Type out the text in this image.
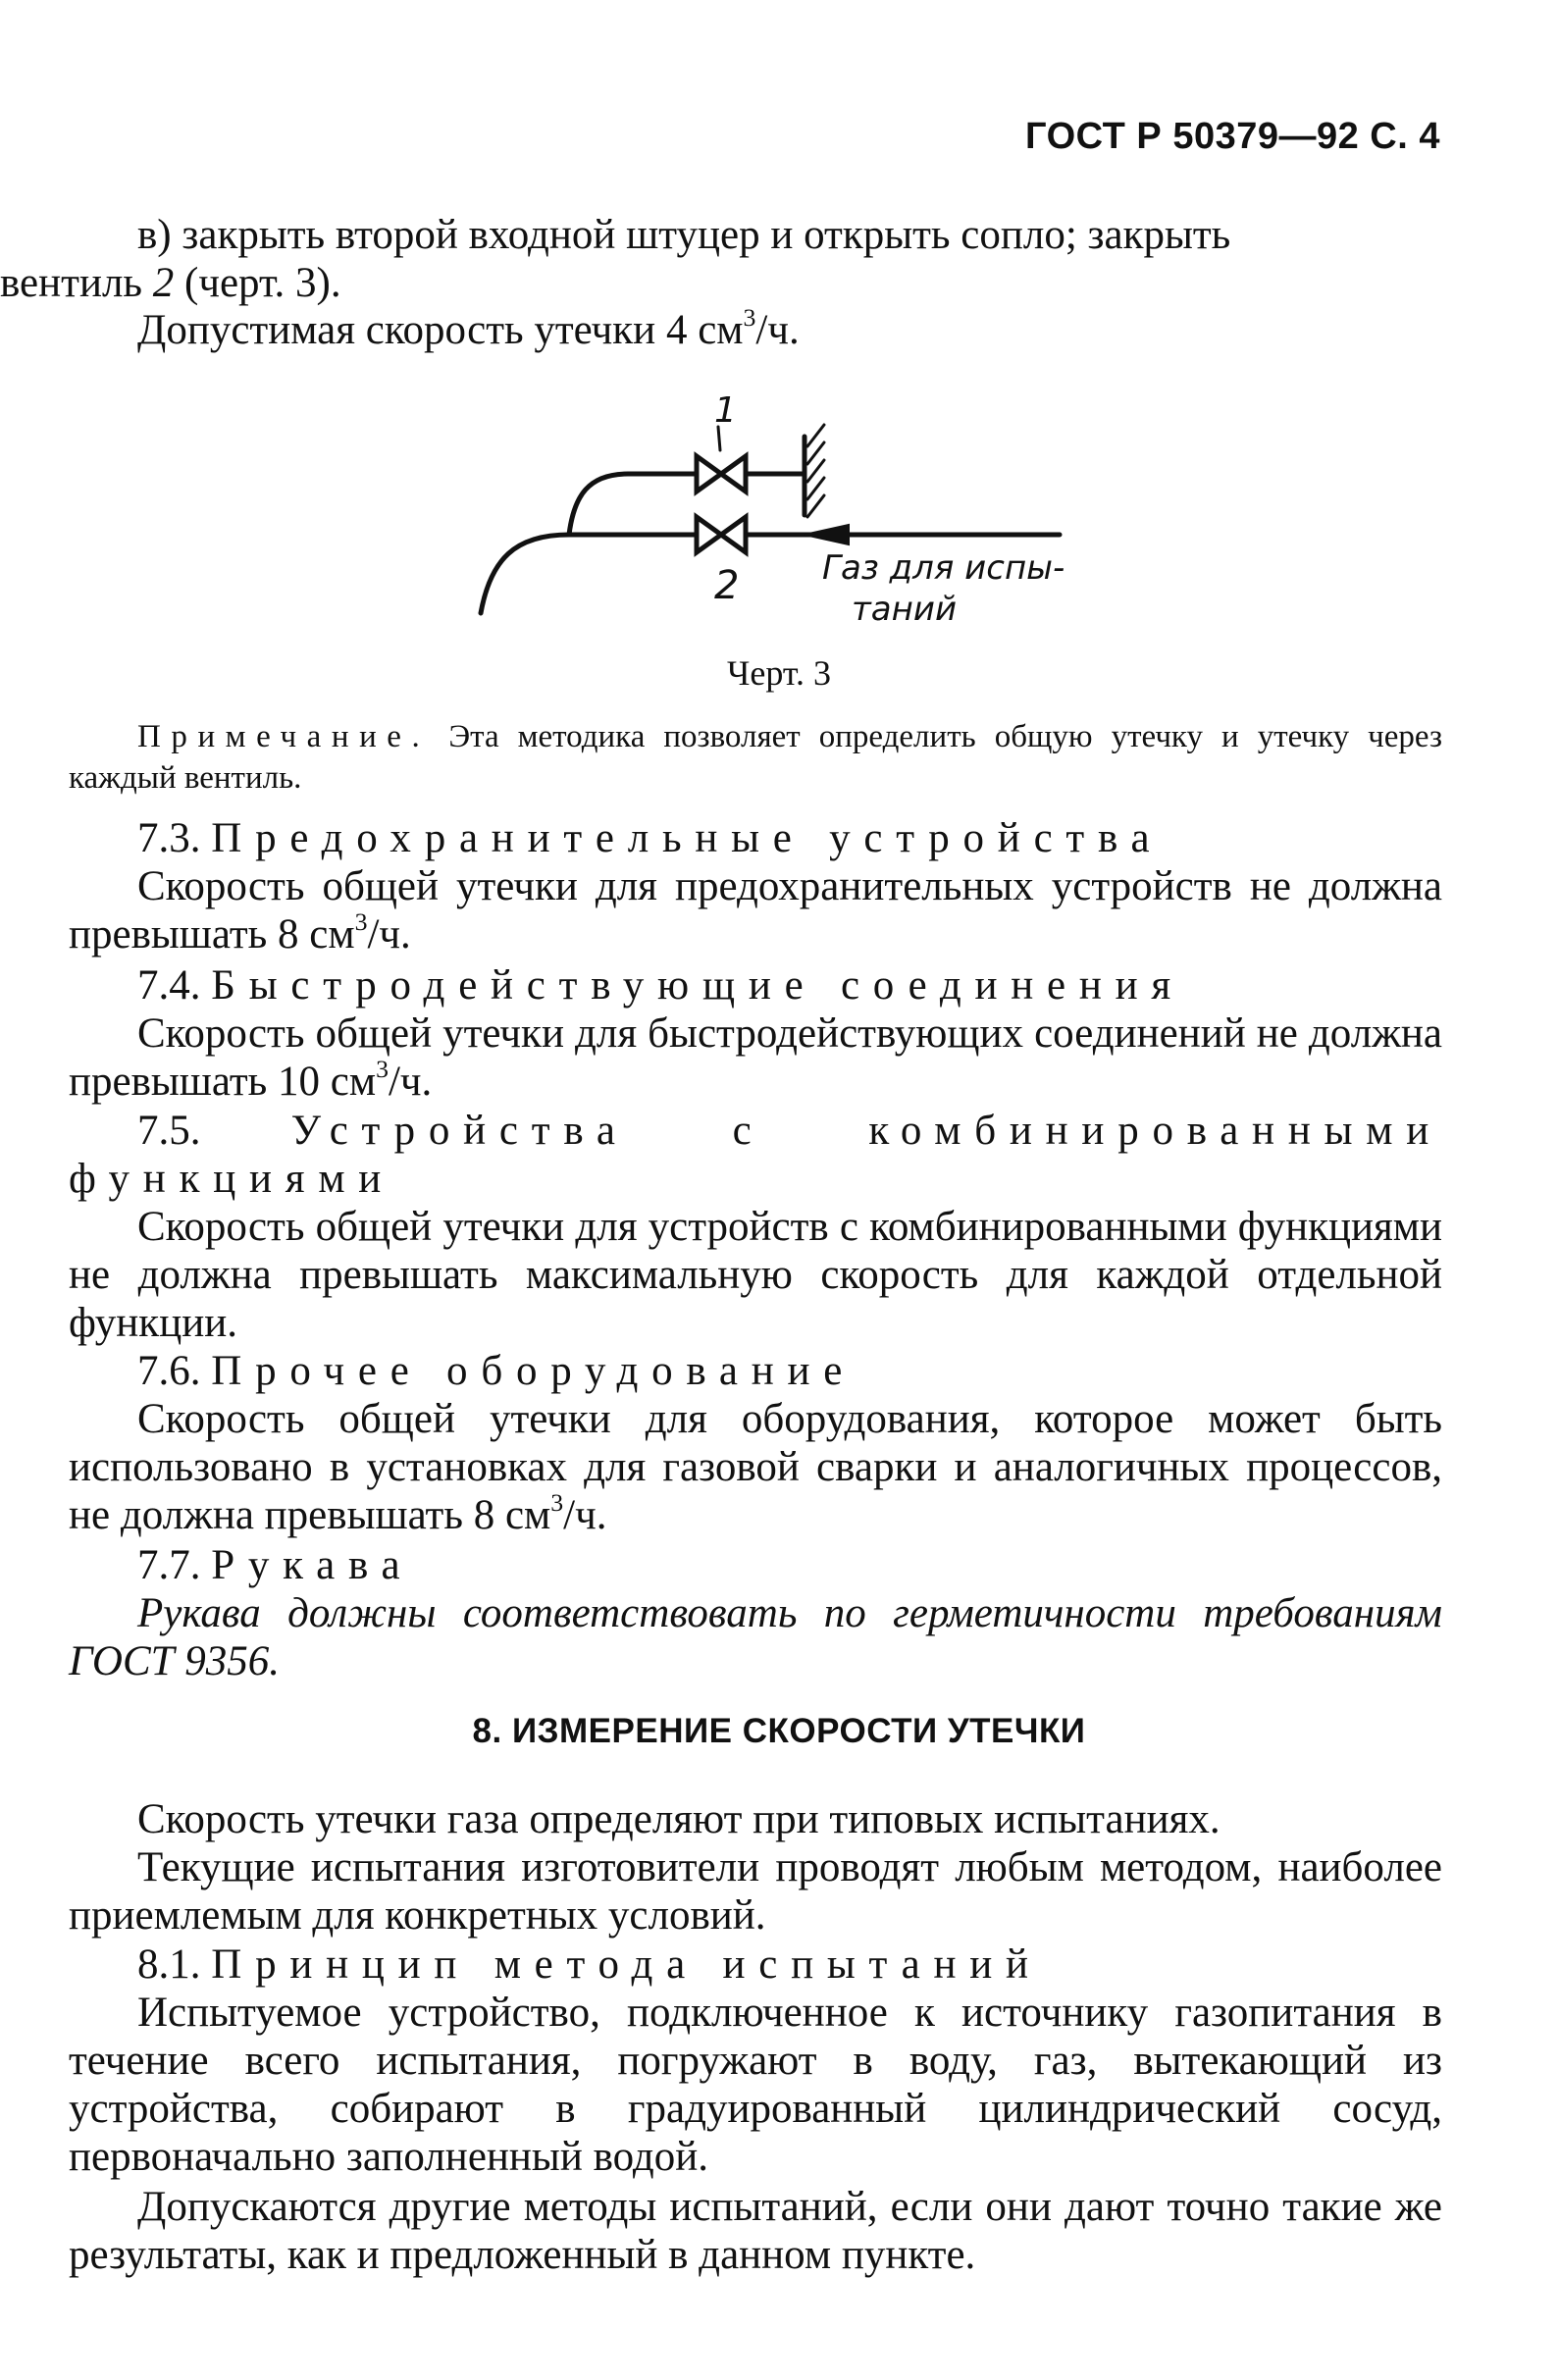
ГОСТ Р 50379—92 С. 4
в) закрыть второй входной штуцер и открыть сопло; закрыть
вентиль 2 (черт. 3).
Допустимая скорость утечки 4 $см^3/ч$.
1
2 Газ для испы-
таний
Черт. 3
Примечание. Эта методика позволяет определить общую утечку и утечку через каждый вентиль.
7.3. Предохранительные устройства
Скорость общей утечки для предохранительных устройств не должна превышать 8 $см^3/ч$.
7.4. Быстродействующие соединения
Скорость общей утечки для быстродействующих соединений не должна превышать 10 $см^3/ч$.
7.5. Устройства с комбинированными функциями
Скорость общей утечки для устройств с комбинированными функциями не должна превышать максимальную скорость для каждой отдельной функции.
7.6. Прочее оборудование
Скорость общей утечки для оборудования, которое может быть использовано в установках для газовой сварки и аналогичных процессов, не должна превышать 8 $см^3/ч$.
7.7. Рукава
Рукава должны соответствовать по герметичности требованиям ГОСТ 9356.
8. ИЗМЕРЕНИЕ СКОРОСТИ УТЕЧКИ
Скорость утечки газа определяют при типовых испытаниях.
Текущие испытания изготовители проводят любым методом, наиболее приемлемым для конкретных условий.
8.1. Принцип метода испытаний
Испытуемое устройство, подключенное к источнику газопитания в течение всего испытания, погружают в воду, газ, вытекающий из устройства, собирают в градуированный цилиндрический сосуд, первоначально заполненный водой.
Допускаются другие методы испытаний, если они дают точно такие же результаты, как и предложенный в данном пункте.
